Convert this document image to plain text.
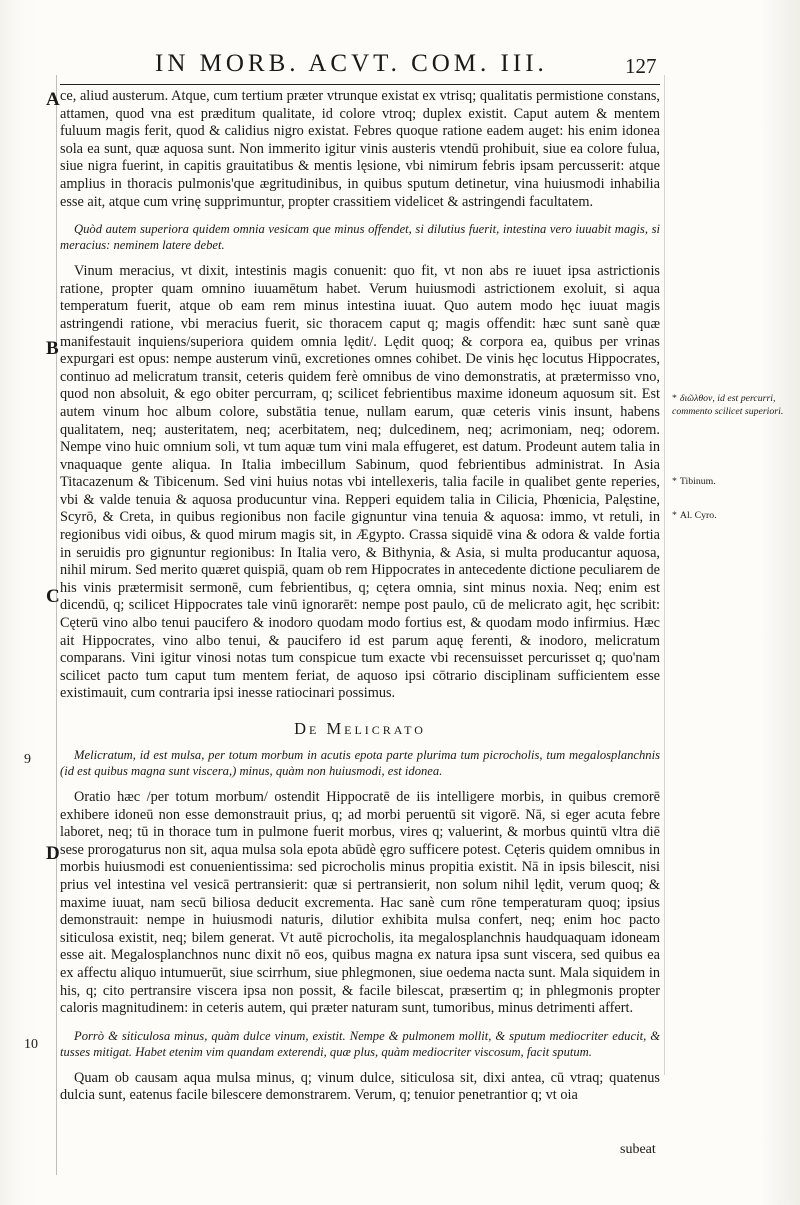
IN MORB. ACVT. COM. III.	127
A
B
C
D
9
10

ce, aliud austerum. Atque, cum tertium præter vtrunque existat ex vtrisq; qualitatis permistione constans, attamen, quod vna est præditum qualitate, id colore vtroq; duplex existit. Caput autem & mentem fuluum magis ferit, quod & calidius nigro existat. Febres quoque ratione eadem auget: his enim idonea sola ea sunt, quæ aquosa sunt. Non immerito igitur vinis austeris vtendū prohibuit, siue ea colore fulua, siue nigra fuerint, in capitis grauitatibus & mentis lęsione, vbi nimirum febris ipsam percusserit: atque amplius in thoracis pulmonis'que ægritudinibus, in quibus sputum detinetur, vina huiusmodi inhabilia esse ait, atque cum vrinę supprimuntur, propter crassitiem videlicet & astringendi facultatem.

Quòd autem superiora quidem omnia vesicam que minus offendet, si dilutius fuerit, intestina vero iuuabit magis, si meracius: neminem latere debet.

Vinum meracius, vt dixit, intestinis magis conuenit: quo fit, vt non abs re iuuet ipsa astrictionis ratione, propter quam omnino iuuamētum habet. Verum huiusmodi astrictionem exoluit, si aqua temperatum fuerit, atque ob eam rem minus intestina iuuat. Quo autem modo hęc iuuat magis astringendi ratione, vbi meracius fuerit, sic thoracem caput q; magis offendit: hæc sunt sanè quæ manifestauit inquiens/superiora quidem omnia lędit/. Lędit quoq; & corpora ea, quibus per vrinas expurgari est opus: nempe austerum vinū, excretiones omnes cohibet. De vinis hęc locutus Hippocrates, continuo ad melicratum transit, ceteris quidem ferè omnibus de vino demonstratis, at prætermisso vno, quod non absoluit, & ego obiter percurram, q; scilicet febrientibus maxime idoneum aquosum sit. Est autem vinum hoc album colore, substātia tenue, nullam earum, quæ ceteris vinis insunt, habens qualitatem, neq; austeritatem, neq; acerbitatem, neq; dulcedinem, neq; acrimoniam, neq; odorem. Nempe vino huic omnium soli, vt tum aquæ tum vini mala effugeret, est datum. Prodeunt autem talia in vnaquaque gente aliqua. In Italia imbecillum Sabinum, quod febrientibus administrat. In Asia Titacazenum & Tibicenum. Sed vini huius notas vbi intellexeris, talia facile in qualibet gente reperies, vbi & valde tenuia & aquosa producuntur vina. Repperi equidem talia in Cilicia, Phœnicia, Palęstine, Scyrō, & Creta, in quibus regionibus non facile gignuntur vina tenuia & aquosa: immo, vt retuli, in regionibus vidi oibus, & quod mirum magis sit, in Ægypto. Crassa siquidē vina & odora & valde fortia in seruidis pro gignuntur regionibus: In Italia vero, & Bithynia, & Asia, si multa producantur aquosa, nihil mirum. Sed merito quæret quispiā, quam ob rem Hippocrates in antecedente dictione peculiarem de his vinis prætermisit sermonē, cum febrientibus, q; cętera omnia, sint minus noxia. Neq; enim est dicendū, q; scilicet Hippocrates tale vinū ignorarēt: nempe post paulo, cū de melicrato agit, hęc scribit: Cęterū vino albo tenui paucifero & inodoro quodam modo fortius est, & quodam modo infirmius. Hæc ait Hippocrates, vino albo tenui, & paucifero id est parum aquę ferenti, & inodoro, melicratum comparans. Vini igitur vinosi notas tum conspicue tum exacte vbi recensuisset percurisset q; quo'nam scilicet pacto tum caput tum mentem feriat, de aquoso ipsi cōtrario disciplinam sufficientem esse existimauit, cum contraria ipsi inesse ratiocinari possimus.

De Melicrato

Melicratum, id est mulsa, per totum morbum in acutis epota parte plurima tum picrocholis, tum megalosplanchnis (id est quibus magna sunt viscera,) minus, quàm non huiusmodi, est idonea.

Oratio hæc /per totum morbum/ ostendit Hippocratē de iis intelligere morbis, in quibus cremorē exhibere idoneū non esse demonstrauit prius, q; ad morbi peruentū sit vigorē. Nā, si eger acuta febre laboret, neq; tū in thorace tum in pulmone fuerit morbus, vires q; valuerint, & morbus quintū vltra diē sese prorogaturus non sit, aqua mulsa sola epota abūdè ęgro sufficere potest. Cęteris quidem omnibus in morbis huiusmodi est conuenientissima: sed picrocholis minus propitia existit. Nā in ipsis bilescit, nisi prius vel intestina vel vesicā pertransierit: quæ si pertransierit, non solum nihil lędit, verum quoq; & maxime iuuat, nam secū biliosa deducit excrementa. Hac sanè cum rōne temperaturam quoq; ipsius demonstrauit: nempe in huiusmodi naturis, dilutior exhibita mulsa confert, neq; enim hoc pacto siticulosa existit, neq; bilem generat. Vt autē picrocholis, ita megalosplanchnis haudquaquam idoneam esse ait. Megalosplanchnos nunc dixit nō eos, quibus magna ex natura ipsa sunt viscera, sed quibus ea ex affectu aliquo intumuerūt, siue scirrhum, siue phlegmonen, siue oedema nacta sunt. Mala siquidem in his, q; cito pertransire viscera ipsa non possit, & facile bilescat, præsertim q; in phlegmonis propter caloris magnitudinem: in ceteris autem, qui præter naturam sunt, tumoribus, minus detrimenti affert.

Porrò & siticulosa minus, quàm dulce vinum, existit. Nempe & pulmonem mollit, & sputum mediocriter educit, & tusses mitigat. Habet etenim vim quandam exterendi, quæ plus, quàm mediocriter viscosum, facit sputum.

Quam ob causam aqua mulsa minus, q; vinum dulce, siticulosa sit, dixi antea, cū vtraq; quatenus dulcia sunt, eatenus facile bilescere demonstrarem. Verum, q; tenuior penetrantior q; vt oia

* διῶλθον, id est percurri, commento scilicet superiori.
* Tibinum.
* Al. Cyro.
subeat
